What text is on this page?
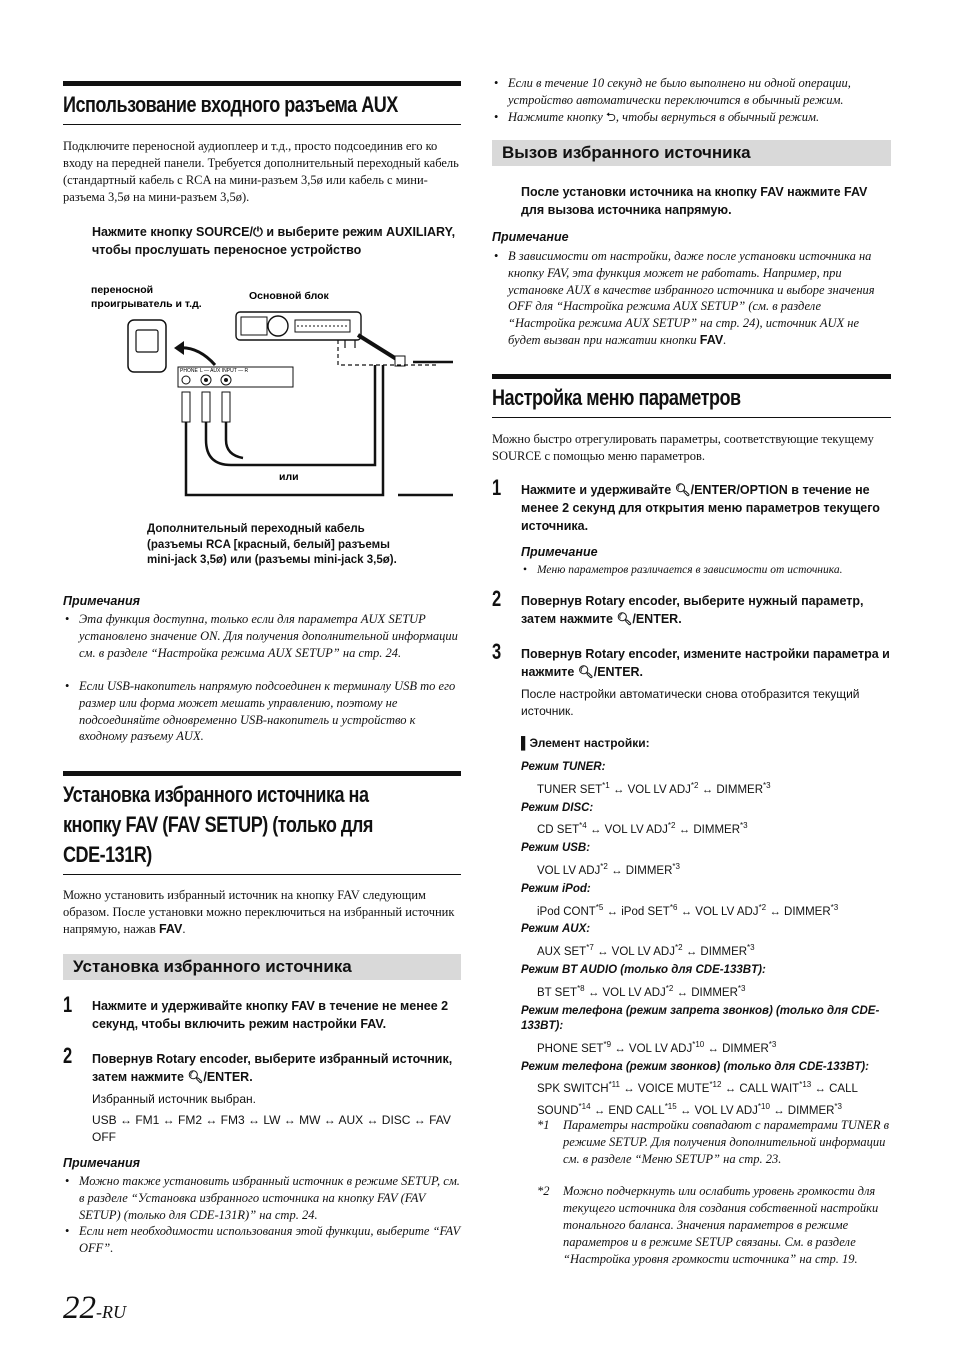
Использование входного разъема AUX
Подключите переносной аудиоплеер и т.д., просто подсоединив его ко входу на передней панели. Требуется дополнительный переходный кабель (стандартный кабель с RCA на мини-разъем 3,5ø или кабель с мини-разъема 3,5ø на мини-разъем 3,5ø).
Нажмите кнопку SOURCE/⏻ и выберите режим AUXILIARY, чтобы прослушать переносное устройство
переносной
проигрыватель и т.д.
Основной блок
PHONE L — AUX INPUT — R
или
Дополнительный переходный кабель
(разъемы RCA [красный, белый] разъемы
mini-jack 3,5ø) или (разъемы mini-jack 3,5ø).
Примечания
• Эта функция доступна, только если для параметра AUX SETUP установлено значение ON. Для получения дополнительной информации см. в разделе “Настройка режима AUX SETUP” на стр. 24.
• Если USB-накопитель напрямую подсоединен к терминалу USB то его размер или форма может мешать управлению, поэтому не подсоединяйте одновременно USB-накопитель и устройство к входному разъему AUX.
Установка избранного источника на
кнопку FAV (FAV SETUP) (только для
CDE-131R)
Можно установить избранный источник на кнопку FAV следующим образом. После установки можно переключиться на избранный источник напрямую, нажав FAV.
Установка избранного источника
1 Нажмите и удерживайте кнопку FAV в течение не менее 2 секунд, чтобы включить режим настройки FAV.
2 Повернув Rotary encoder, выберите избранный источник, затем нажмите 🔍︎/ENTER.
Избранный источник выбран.
USB ↔ FM1 ↔ FM2 ↔ FM3 ↔ LW ↔ MW ↔ AUX ↔ DISC ↔ FAV OFF
Примечания
• Можно также установить избранный источник в режиме SETUP, см. в разделе “Установка избранного источника на кнопку FAV (FAV SETUP) (только для CDE-131R)” на стр. 24.
• Если нет необходимости использования этой функции, выберите “FAV OFF”.
22-RU
• Если в течение 10 секунд не было выполнено ни одной операции, устройство автоматически переключится в обычный режим.
• Нажмите кнопку ⮌, чтобы вернуться в обычный режим.
Вызов избранного источника
После установки источника на кнопку FAV нажмите FAV для вызова источника напрямую.
Примечание
• В зависимости от настройки, даже после установки источника на кнопку FAV, эта функция может не работать. Например, при установке AUX в качестве избранного источника и выборе значения OFF для “Настройка режима AUX SETUP” (см. в разделе “Настройка режима AUX SETUP” на стр. 24), источник AUX не будет вызван при нажатии кнопки FAV.
Настройка меню параметров
Можно быстро отрегулировать параметры, соответствующие текущему SOURCE с помощью меню параметров.
1 Нажмите и удерживайте 🔍︎/ENTER/OPTION в течение не менее 2 секунд для открытия меню параметров текущего источника.
Примечание
• Меню параметров различается в зависимости от источника.
2 Повернув Rotary encoder, выберите нужный параметр, затем нажмите 🔍︎/ENTER.
3 Повернув Rotary encoder, измените настройки параметра и нажмите 🔍︎/ENTER.
После настройки автоматически снова отобразится текущий источник.
▌Элемент настройки:
Режим TUNER:
TUNER SET$^{*1}$ ↔ VOL LV ADJ$^{*2}$ ↔ DIMMER$^{*3}$
Режим DISC:
CD SET$^{*4}$ ↔ VOL LV ADJ$^{*2}$ ↔ DIMMER$^{*3}$
Режим USB:
VOL LV ADJ$^{*2}$ ↔ DIMMER$^{*3}$
Режим iPod:
iPod CONT$^{*5}$ ↔ iPod SET$^{*6}$ ↔ VOL LV ADJ$^{*2}$ ↔ DIMMER$^{*3}$
Режим AUX:
AUX SET$^{*7}$ ↔ VOL LV ADJ$^{*2}$ ↔ DIMMER$^{*3}$
Режим BT AUDIO (только для CDE-133BT):
BT SET$^{*8}$ ↔ VOL LV ADJ$^{*2}$ ↔ DIMMER$^{*3}$
Режим телефона (режим запрета звонков) (только для CDE-133BT):
PHONE SET$^{*9}$ ↔ VOL LV ADJ$^{*10}$ ↔ DIMMER$^{*3}$
Режим телефона (режим звонков) (только для CDE-133BT):
SPK SWITCH$^{*11}$ ↔ VOICE MUTE$^{*12}$ ↔ CALL WAIT$^{*13}$ ↔ CALL SOUND$^{*14}$ ↔ END CALL$^{*15}$ ↔ VOL LV ADJ$^{*10}$ ↔ DIMMER$^{*3}$
*1 Параметры настройки совпадают с параметрами TUNER в режиме SETUP. Для получения дополнительной информации см. в разделе “Меню SETUP” на стр. 23.
*2 Можно подчеркнуть или ослабить уровень громкости для текущего источника для создания собственной настройки тонального баланса. Значения параметров в режиме параметров и в режиме SETUP связаны. См. в разделе “Настройка уровня громкости источника” на стр. 19.
